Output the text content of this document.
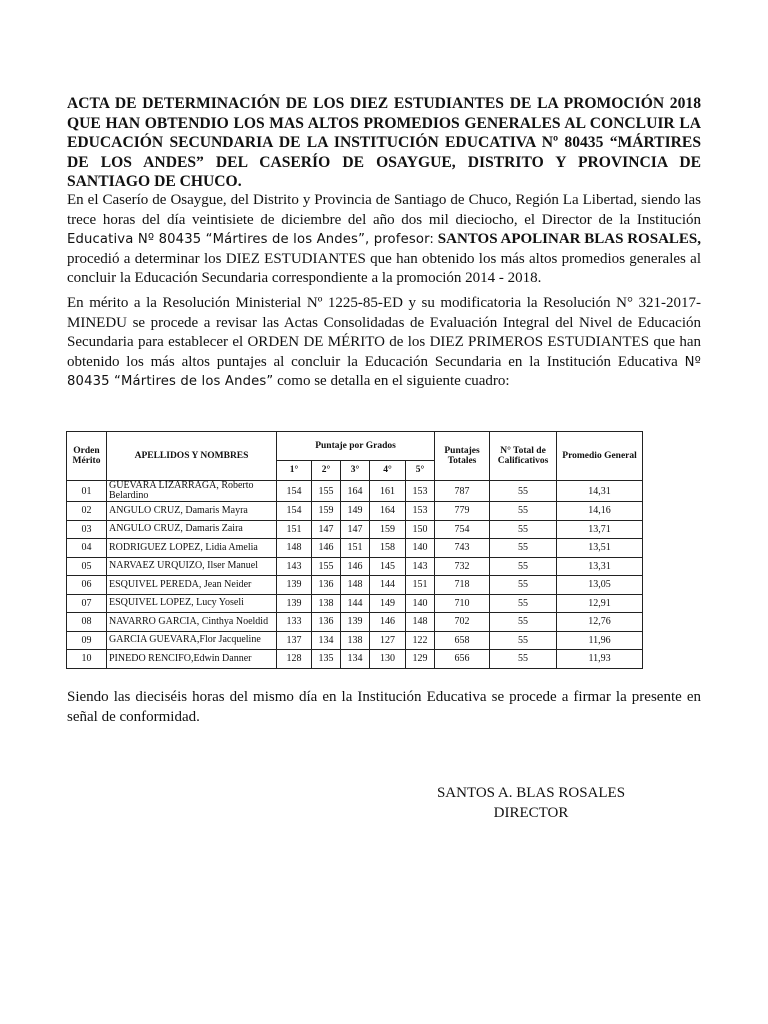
ACTA DE DETERMINACIÓN DE LOS DIEZ ESTUDIANTES DE LA PROMOCIÓN 2018 QUE HAN OBTENDIO LOS MAS ALTOS PROMEDIOS GENERALES AL CONCLUIR LA EDUCACIÓN SECUNDARIA DE LA INSTITUCIÓN EDUCATIVA Nº 80435 “MÁRTIRES DE LOS ANDES” DEL CASERÍO DE OSAYGUE, DISTRITO Y PROVINCIA DE SANTIAGO DE CHUCO.

En el Caserío de Osaygue, del Distrito y Provincia de Santiago de Chuco, Región La Libertad, siendo las trece horas del día veintisiete de diciembre del año dos mil dieciocho, el Director de la Institución Educativa Nº 80435 “Mártires de los Andes”, profesor: SANTOS APOLINAR BLAS ROSALES, procedió a determinar los DIEZ ESTUDIANTES que han obtenido los más altos promedios generales al concluir la Educación Secundaria correspondiente a la promoción 2014 - 2018.

En mérito a la Resolución Ministerial Nº 1225-85-ED y su modificatoria la Resolución N° 321-2017-MINEDU se procede a revisar las Actas Consolidadas de Evaluación Integral del Nivel de Educación Secundaria para establecer el ORDEN DE MÉRITO de los DIEZ PRIMEROS ESTUDIANTES que han obtenido los más altos puntajes al concluir la Educación Secundaria en la Institución Educativa Nº 80435 “Mártires de los Andes” como se detalla en el siguiente cuadro:

Orden Mérito	APELLIDOS Y NOMBRES	Puntaje por Grados					Puntajes Totales	N° Total de Calificativos	Promedio General
		1°	2°	3°	4°	5°			
01	GUEVARA LIZARRAGA, Roberto Belardino	154	155	164	161	153	787	55	14,31
02	ANGULO CRUZ, Damaris Mayra	154	159	149	164	153	779	55	14,16
03	ANGULO CRUZ, Damaris Zaira	151	147	147	159	150	754	55	13,71
04	RODRIGUEZ LOPEZ, Lidia Amelia	148	146	151	158	140	743	55	13,51
05	NARVAEZ URQUIZO, Ilser Manuel	143	155	146	145	143	732	55	13,31
06	ESQUIVEL PEREDA, Jean Neider	139	136	148	144	151	718	55	13,05
07	ESQUIVEL LOPEZ, Lucy Yoseli	139	138	144	149	140	710	55	12,91
08	NAVARRO GARCIA, Cinthya Noeldid	133	136	139	146	148	702	55	12,76
09	GARCIA GUEVARA,Flor Jacqueline	137	134	138	127	122	658	55	11,96
10	PINEDO RENCIFO,Edwin Danner	128	135	134	130	129	656	55	11,93

Siendo las dieciséis horas del mismo día en la Institución Educativa se procede a firmar la presente en señal de conformidad.

SANTOS A. BLAS ROSALES
DIRECTOR
